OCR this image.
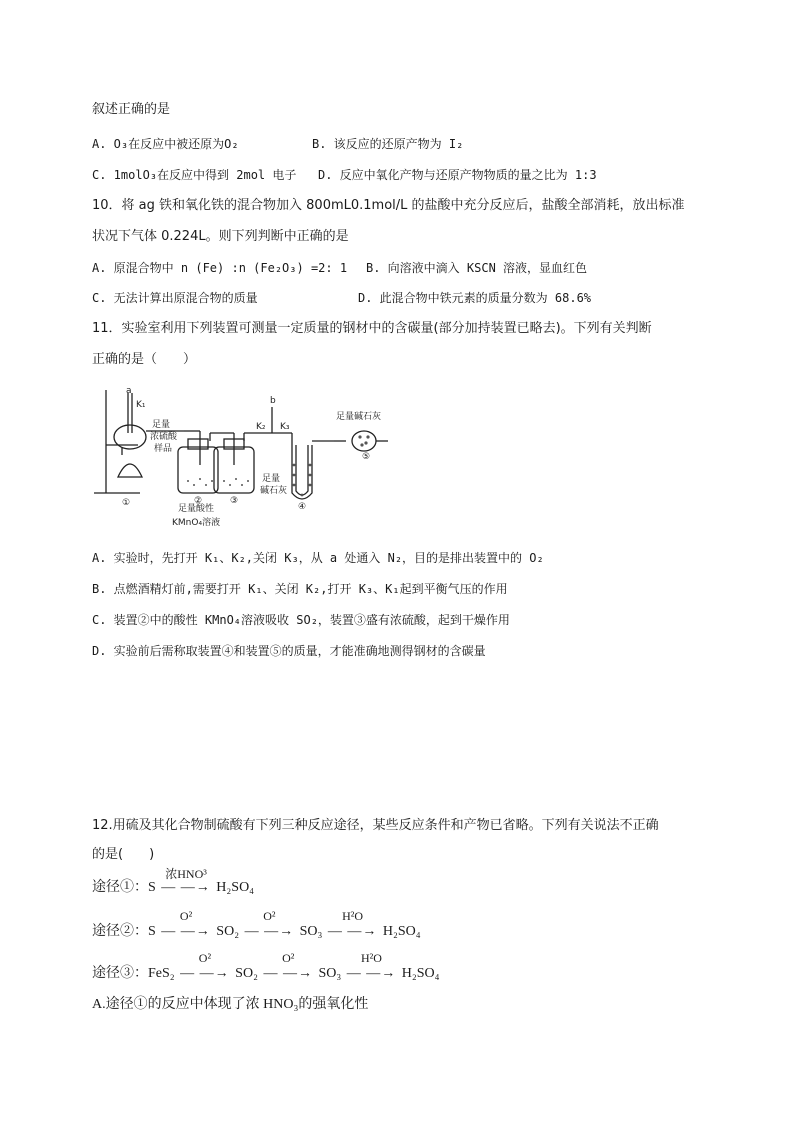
叙述正确的是
A. O₃在反应中被还原为O₂	B. 该反应的还原产物为 I₂
C. 1molO₃在反应中得到 2mol 电子 D. 反应中氧化产物与还原产物物质的量之比为 1:3
10．将 ag 铁和氧化铁的混合物加入 800mL0.1mol/L 的盐酸中充分反应后，盐酸全部消耗，放出标准
状况下气体 0.224L。则下列判断中正确的是
A. 原混合物中 n (Fe) :n (Fe₂O₃) =2: 1 B. 向溶液中滴入 KSCN 溶液，显血红色
C. 无法计算出原混合物的质量	D. 此混合物中铁元素的质量分数为 68.6%
11．实验室利用下列装置可测量一定质量的钢材中的含碳量(部分加持装置已略去)。下列有关判断
正确的是（　　）
a
K₁
足量
浓硫酸
样品
b
K₂ K₃
足量碱石灰
足量酸性
KMnO₄溶液
足量
碱石灰
①	②	③
④
⑤
A. 实验时，先打开 K₁、K₂,关闭 K₃，从 a 处通入 N₂，目的是排出装置中的 O₂
B. 点燃酒精灯前,需要打开 K₁、关闭 K₂,打开 K₃、K₁起到平衡气压的作用
C. 装置②中的酸性 KMnO₄溶液吸收 SO₂，装置③盛有浓硫酸，起到干燥作用
D. 实验前后需称取装置④和装置⑤的质量，才能准确地测得钢材的含碳量
12.用硫及其化合物制硫酸有下列三种反应途径，某些反应条件和产物已省略。下列有关说法不正确
的是(　　)
途径①：S
浓HNO³
— —→ H₂SO₄
途径②：S
O²
— —→ SO₂
O²
— —→ SO₃
H²O
— —→ H₂SO₄
途径③：FeS₂
O²
— —→ SO₂
O²
— —→ SO₃
H²O
— —→ H₂SO₄
A.途径①的反应中体现了浓 HNO₃的强氧化性
